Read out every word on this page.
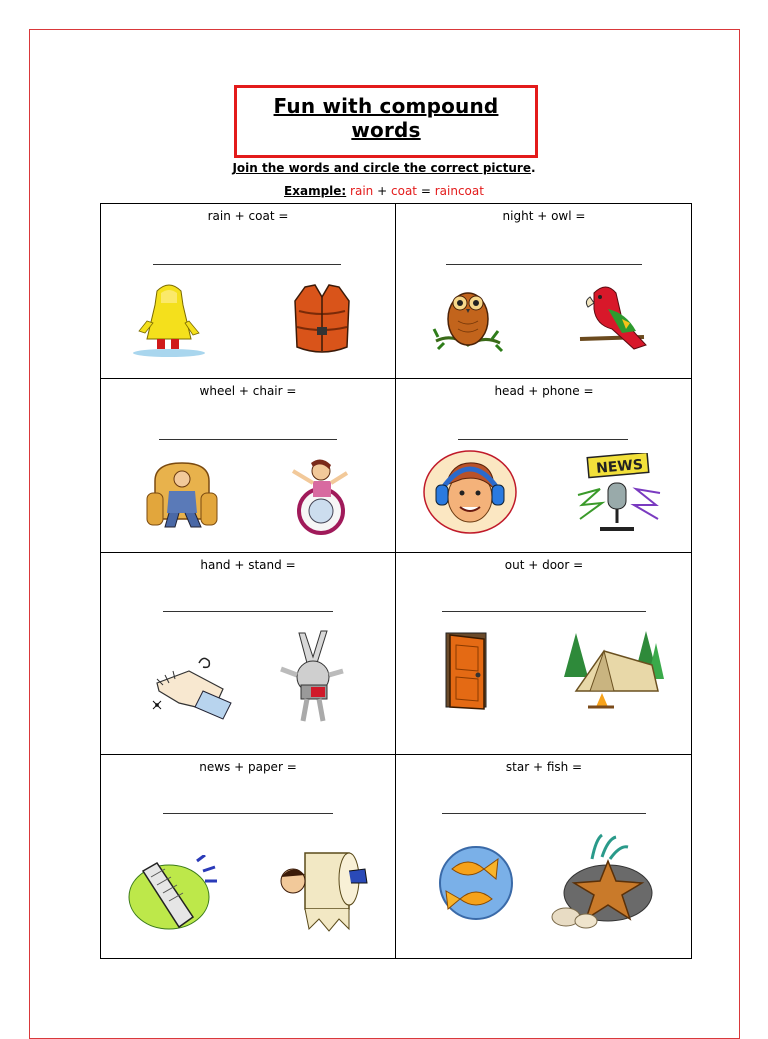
Fun with compound words
Join the words and circle the correct picture.
Example: rain + coat = raincoat
rain + coat =	night + owl =
wheel + chair =	head + phone =
NEWS
hand + stand =	out + door =
news + paper =	star + fish =
